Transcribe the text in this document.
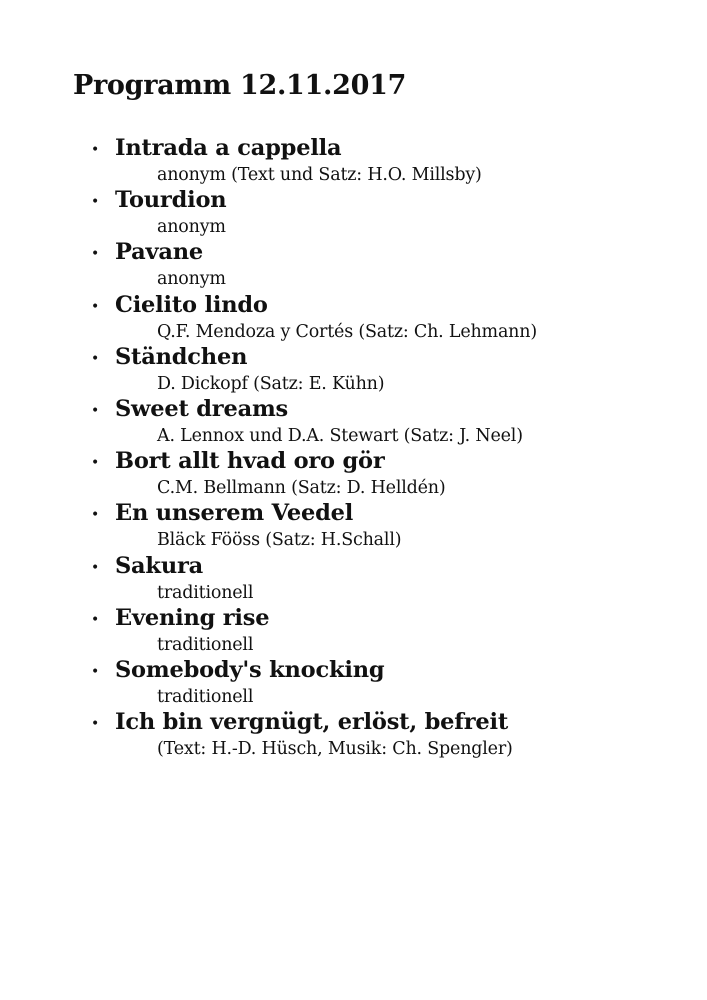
Programm 12.11.2017
• Intrada a cappella
anonym (Text und Satz: H.O. Millsby)
• Tourdion
anonym
• Pavane
anonym
• Cielito lindo
Q.F. Mendoza y Cortés (Satz: Ch. Lehmann)
• Ständchen
D. Dickopf (Satz: E. Kühn)
• Sweet dreams
A. Lennox und D.A. Stewart (Satz: J. Neel)
• Bort allt hvad oro gör
C.M. Bellmann (Satz: D. Helldén)
• En unserem Veedel
Bläck Fööss (Satz: H.Schall)
• Sakura
traditionell
• Evening rise
traditionell
• Somebody's knocking
traditionell
• Ich bin vergnügt, erlöst, befreit
(Text: H.-D. Hüsch, Musik: Ch. Spengler)
